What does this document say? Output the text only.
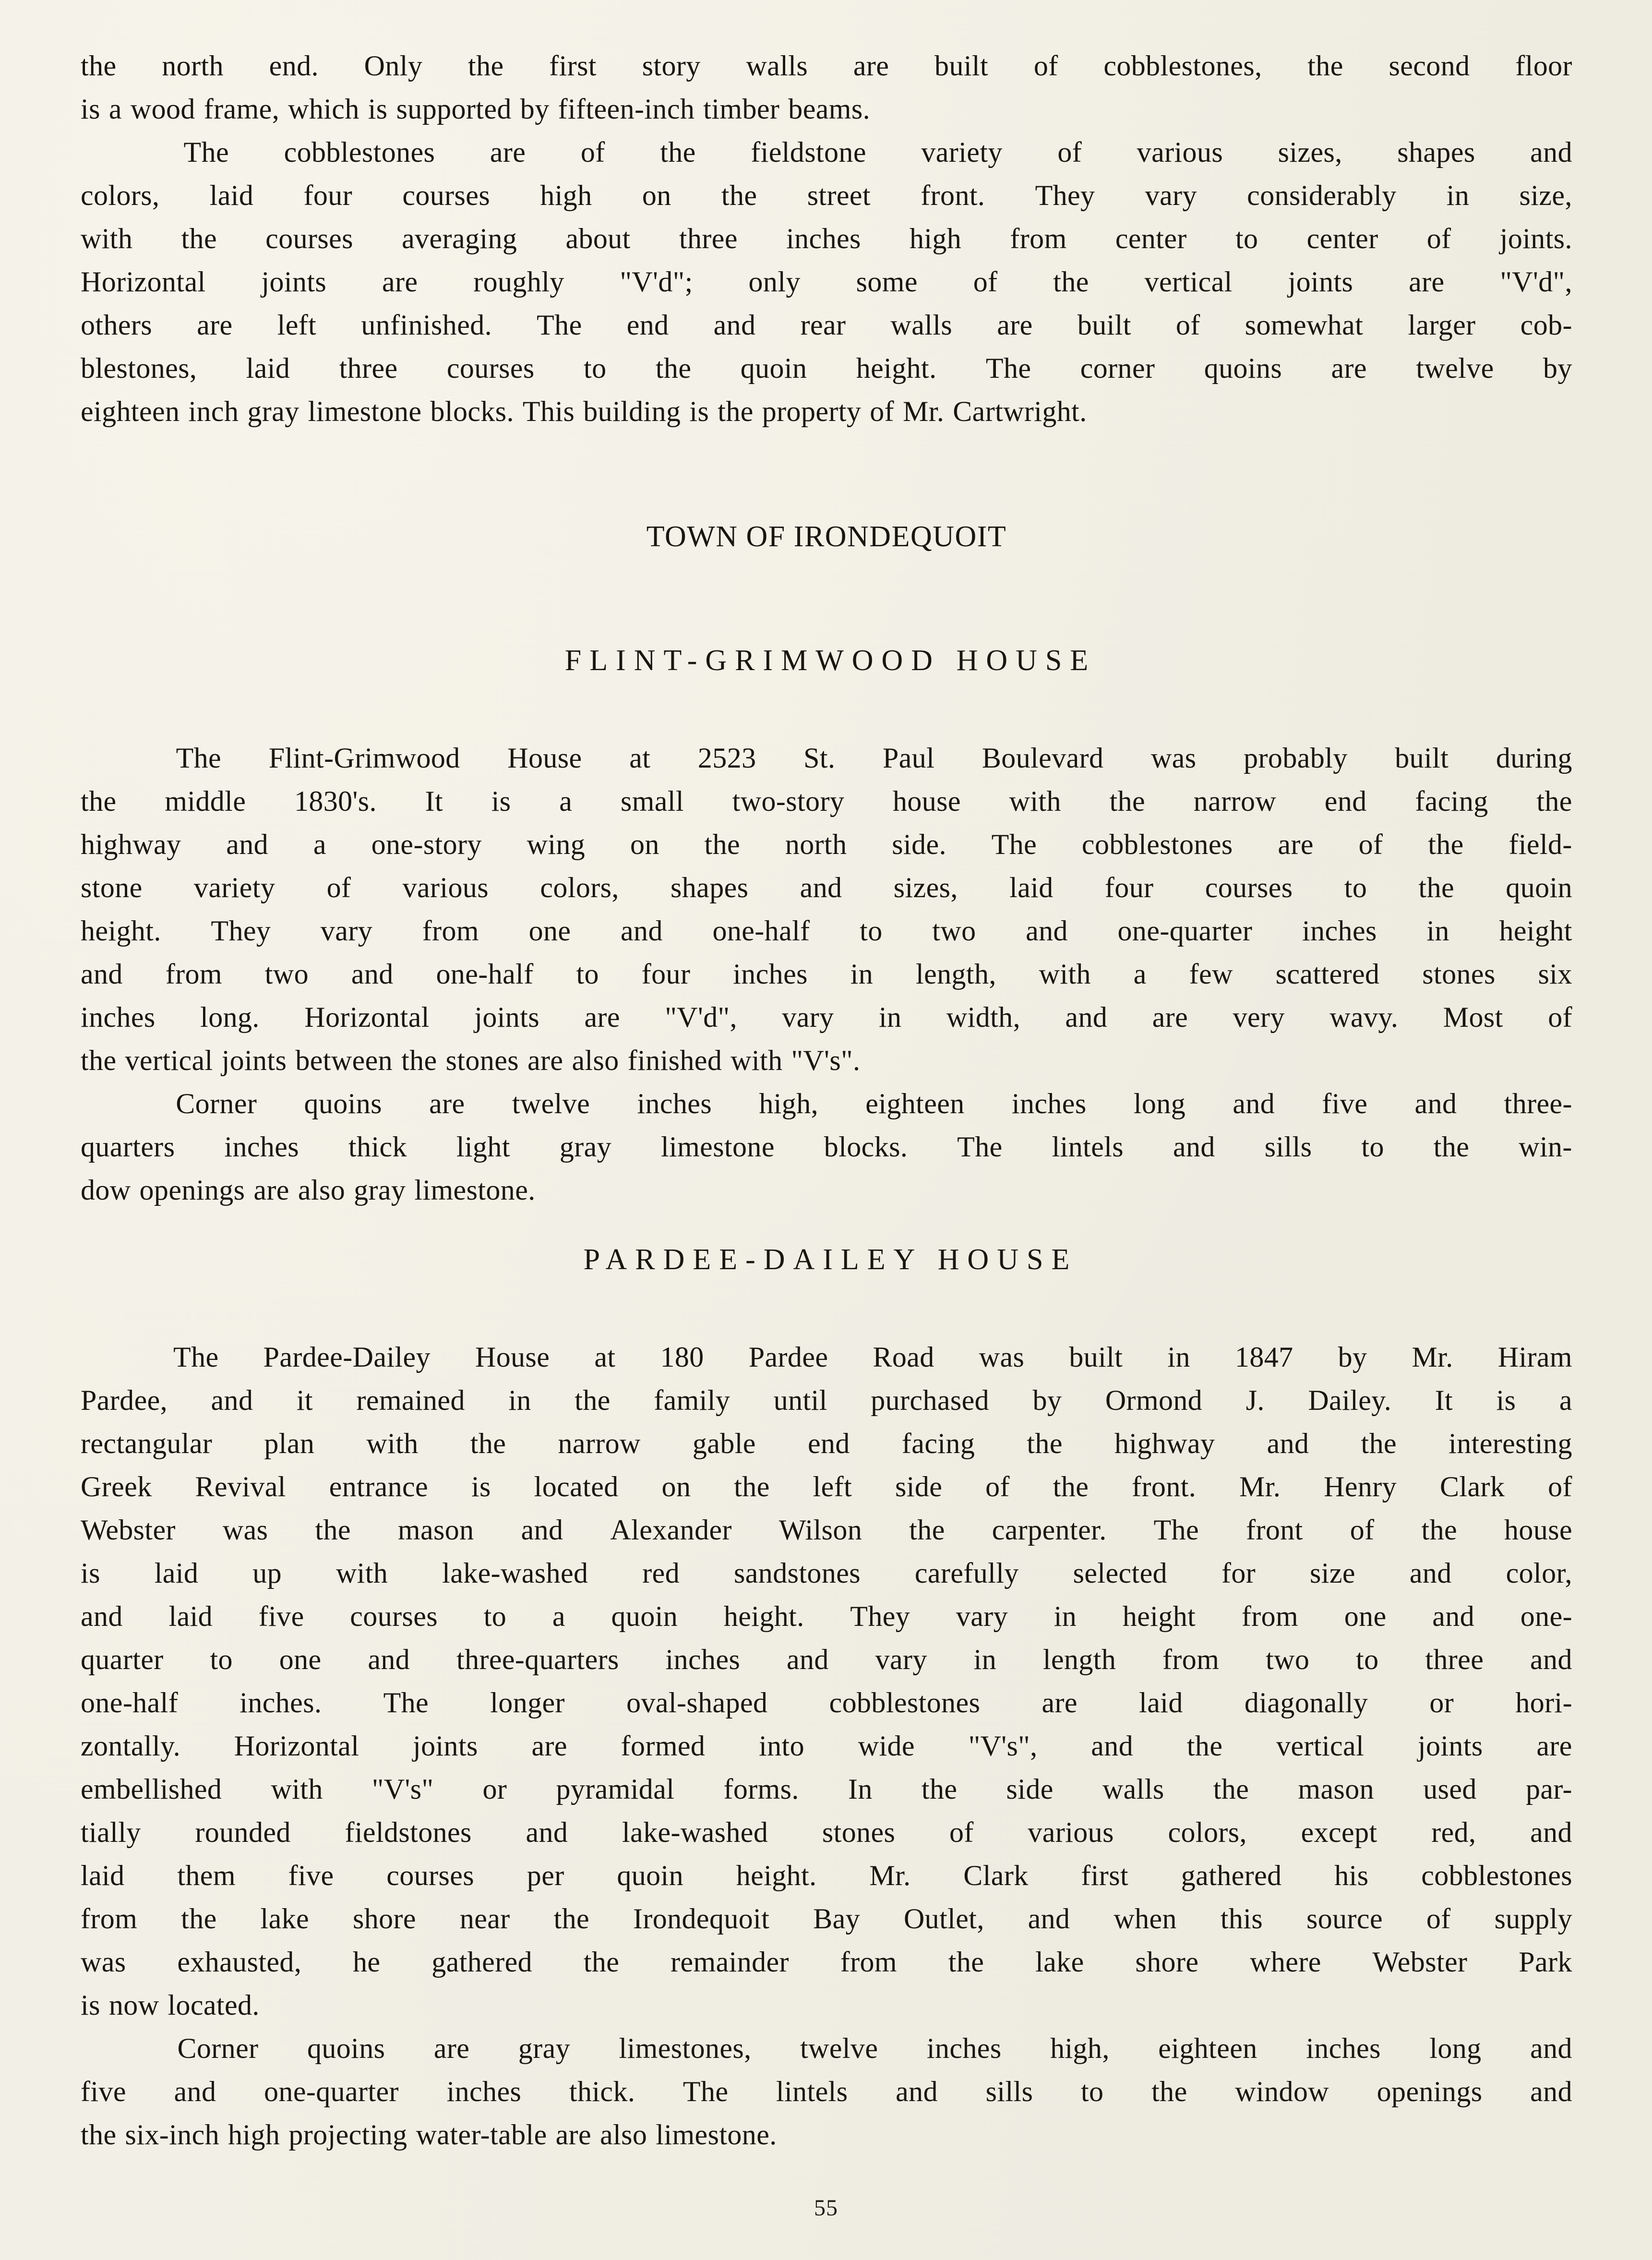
the north end. Only the first story walls are built of cobblestones, the second floor
is a wood frame, which is supported by fifteen-inch timber beams.
The cobblestones are of the fieldstone variety of various sizes, shapes and
colors, laid four courses high on the street front. They vary considerably in size,
with the courses averaging about three inches high from center to center of joints.
Horizontal joints are roughly "V'd"; only some of the vertical joints are "V'd",
others are left unfinished. The end and rear walls are built of somewhat larger cob-
blestones, laid three courses to the quoin height. The corner quoins are twelve by
eighteen inch gray limestone blocks. This building is the property of Mr. Cartwright.
TOWN OF IRONDEQUOIT
FLINT-GRIMWOOD HOUSE
The Flint-Grimwood House at 2523 St. Paul Boulevard was probably built during
the middle 1830's. It is a small two-story house with the narrow end facing the
highway and a one-story wing on the north side. The cobblestones are of the field-
stone variety of various colors, shapes and sizes, laid four courses to the quoin
height. They vary from one and one-half to two and one-quarter inches in height
and from two and one-half to four inches in length, with a few scattered stones six
inches long. Horizontal joints are "V'd", vary in width, and are very wavy. Most of
the vertical joints between the stones are also finished with "V's".
Corner quoins are twelve inches high, eighteen inches long and five and three-
quarters inches thick light gray limestone blocks. The lintels and sills to the win-
dow openings are also gray limestone.
PARDEE-DAILEY HOUSE
The Pardee-Dailey House at 180 Pardee Road was built in 1847 by Mr. Hiram
Pardee, and it remained in the family until purchased by Ormond J. Dailey. It is a
rectangular plan with the narrow gable end facing the highway and the interesting
Greek Revival entrance is located on the left side of the front. Mr. Henry Clark of
Webster was the mason and Alexander Wilson the carpenter. The front of the house
is laid up with lake-washed red sandstones carefully selected for size and color,
and laid five courses to a quoin height. They vary in height from one and one-
quarter to one and three-quarters inches and vary in length from two to three and
one-half inches. The longer oval-shaped cobblestones are laid diagonally or hori-
zontally. Horizontal joints are formed into wide "V's", and the vertical joints are
embellished with "V's" or pyramidal forms. In the side walls the mason used par-
tially rounded fieldstones and lake-washed stones of various colors, except red, and
laid them five courses per quoin height. Mr. Clark first gathered his cobblestones
from the lake shore near the Irondequoit Bay Outlet, and when this source of supply
was exhausted, he gathered the remainder from the lake shore where Webster Park
is now located.
Corner quoins are gray limestones, twelve inches high, eighteen inches long and
five and one-quarter inches thick. The lintels and sills to the window openings and
the six-inch high projecting water-table are also limestone.
55
